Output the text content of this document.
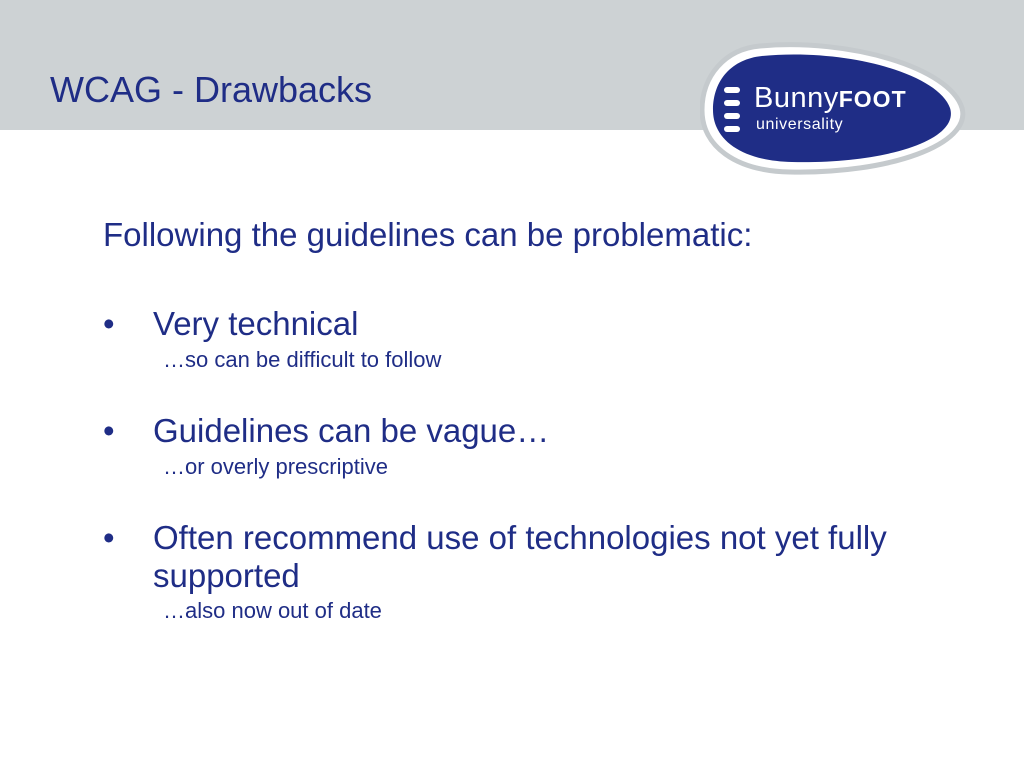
WCAG - Drawbacks	BunnyFOOT
universality

Following the guidelines can be problematic:

• Very technical
…so can be difficult to follow
• Guidelines can be vague…
…or overly prescriptive
• Often recommend use of technologies not yet fully supported
…also now out of date
